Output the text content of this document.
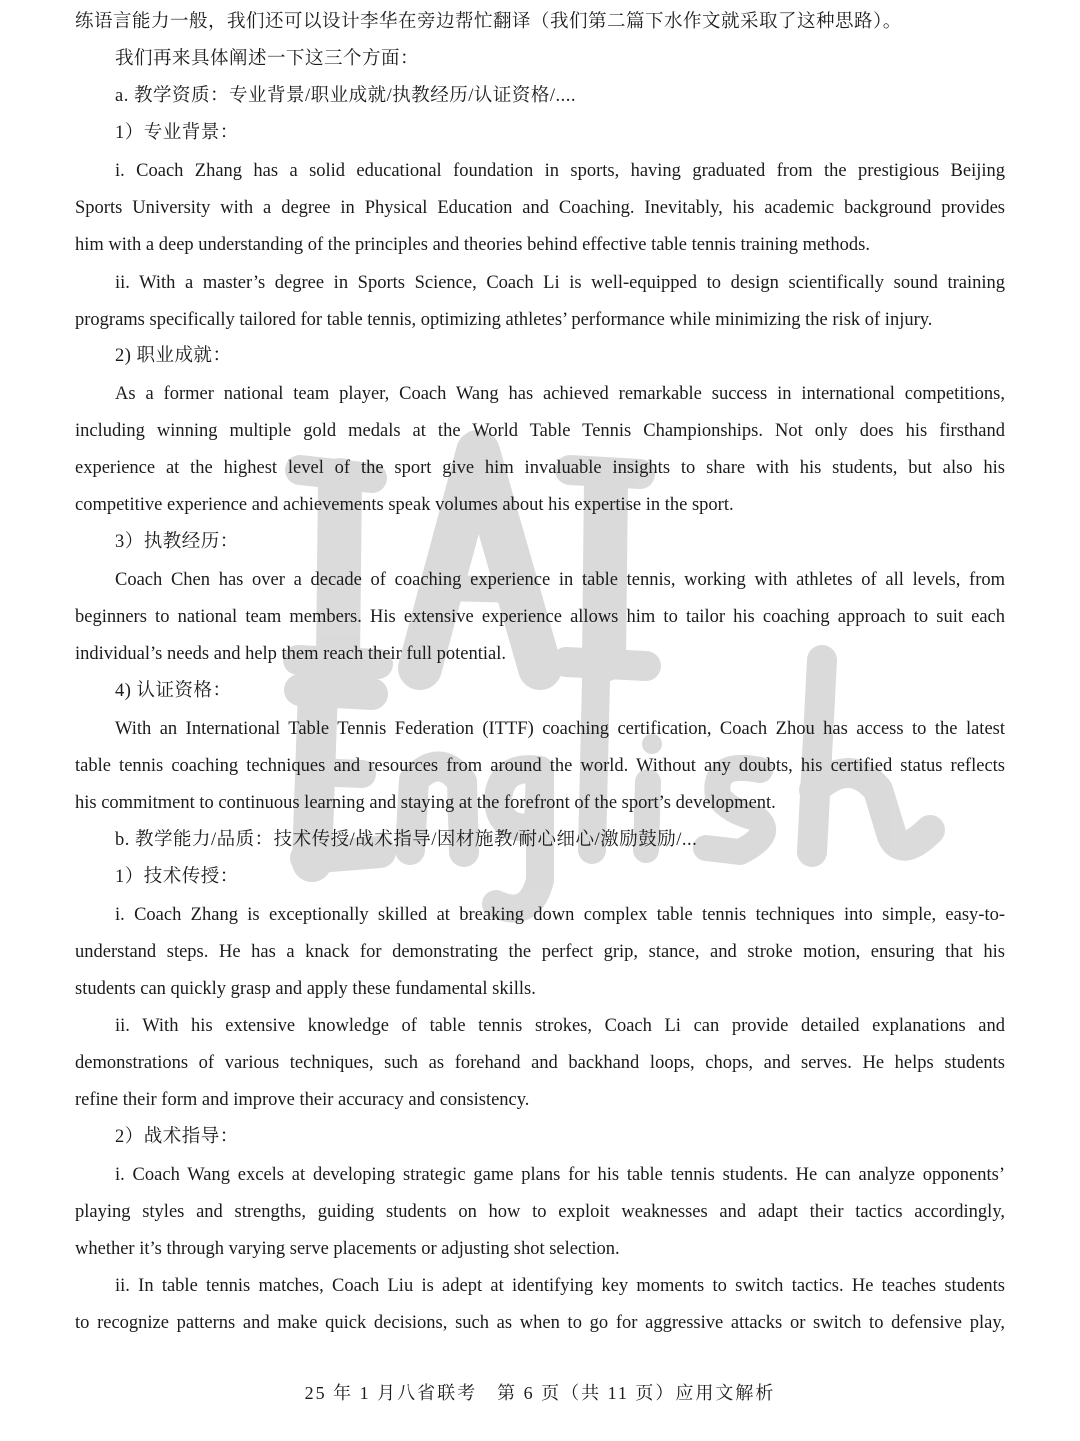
练语言能力一般，我们还可以设计李华在旁边帮忙翻译（我们第二篇下水作文就采取了这种思路）。
我们再来具体阐述一下这三个方面：
a. 教学资质：专业背景/职业成就/执教经历/认证资格/....
1）专业背景：
i. Coach Zhang has a solid educational foundation in sports, having graduated from the prestigious Beijing
Sports University with a degree in Physical Education and Coaching. Inevitably, his academic background provides
him with a deep understanding of the principles and theories behind effective table tennis training methods.
ii. With a master’s degree in Sports Science, Coach Li is well-equipped to design scientifically sound training
programs specifically tailored for table tennis, optimizing athletes’ performance while minimizing the risk of injury.
2) 职业成就：
As a former national team player, Coach Wang has achieved remarkable success in international competitions,
including winning multiple gold medals at the World Table Tennis Championships. Not only does his firsthand
experience at the highest level of the sport give him invaluable insights to share with his students, but also his
competitive experience and achievements speak volumes about his expertise in the sport.
3）执教经历：
Coach Chen has over a decade of coaching experience in table tennis, working with athletes of all levels, from
beginners to national team members. His extensive experience allows him to tailor his coaching approach to suit each
individual’s needs and help them reach their full potential.
4) 认证资格：
With an International Table Tennis Federation (ITTF) coaching certification, Coach Zhou has access to the latest
table tennis coaching techniques and resources from around the world. Without any doubts, his certified status reflects
his commitment to continuous learning and staying at the forefront of the sport’s development.
b. 教学能力/品质：技术传授/战术指导/因材施教/耐心细心/激励鼓励/...
1）技术传授：
i. Coach Zhang is exceptionally skilled at breaking down complex table tennis techniques into simple, easy-to-
understand steps. He has a knack for demonstrating the perfect grip, stance, and stroke motion, ensuring that his
students can quickly grasp and apply these fundamental skills.
ii. With his extensive knowledge of table tennis strokes, Coach Li can provide detailed explanations and
demonstrations of various techniques, such as forehand and backhand loops, chops, and serves. He helps students
refine their form and improve their accuracy and consistency.
2）战术指导：
i. Coach Wang excels at developing strategic game plans for his table tennis students. He can analyze opponents’
playing styles and strengths, guiding students on how to exploit weaknesses and adapt their tactics accordingly,
whether it’s through varying serve placements or adjusting shot selection.
ii. In table tennis matches, Coach Liu is adept at identifying key moments to switch tactics. He teaches students
to recognize patterns and make quick decisions, such as when to go for aggressive attacks or switch to defensive play,
25 年 1 月八省联考　第 6 页（共 11 页）应用文解析
